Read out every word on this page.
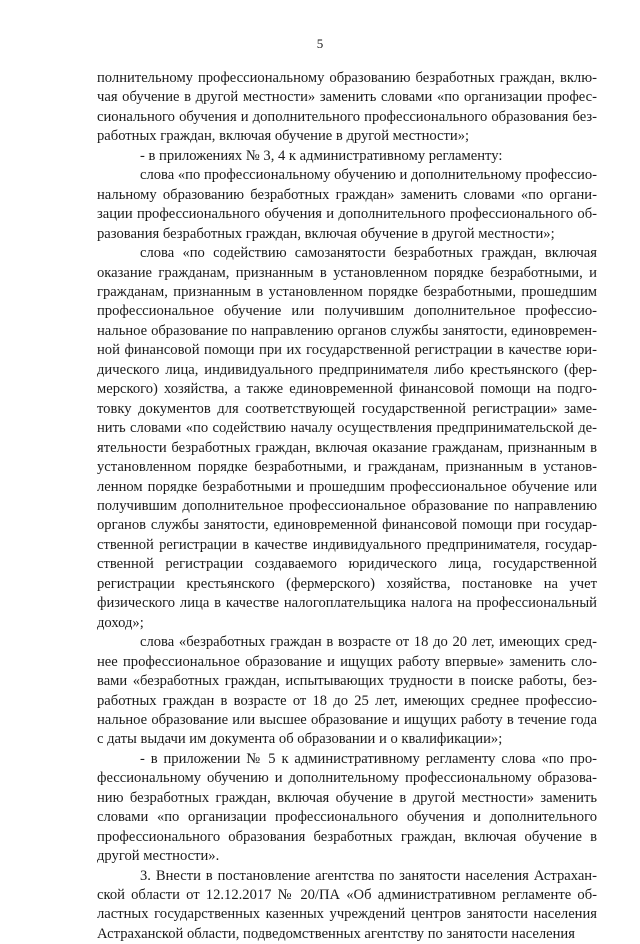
5

полнительному профессиональному образованию безработных граждан, включая обучение в другой местности» заменить словами «по организации профессионального обучения и дополнительного профессионального образования безработных граждан, включая обучение в другой местности»;

- в приложениях № 3, 4 к административному регламенту:

слова «по профессиональному обучению и дополнительному профессиональному образованию безработных граждан» заменить словами «по организации профессионального обучения и дополнительного профессионального образования безработных граждан, включая обучение в другой местности»;

слова «по содействию самозанятости безработных граждан, включая оказание гражданам, признанным в установленном порядке безработными, и гражданам, признанным в установленном порядке безработными, прошедшим профессиональное обучение или получившим дополнительное профессиональное образование по направлению органов службы занятости, единовременной финансовой помощи при их государственной регистрации в качестве юридического лица, индивидуального предпринимателя либо крестьянского (фермерского) хозяйства, а также единовременной финансовой помощи на подготовку документов для соответствующей государственной регистрации» заменить словами «по содействию началу осуществления предпринимательской деятельности безработных граждан, включая оказание гражданам, признанным в установленном порядке безработными, и гражданам, признанным в установленном порядке безработными и прошедшим профессиональное обучение или получившим дополнительное профессиональное образование по направлению органов службы занятости, единовременной финансовой помощи при государственной регистрации в качестве индивидуального предпринимателя, государственной регистрации создаваемого юридического лица, государственной регистрации крестьянского (фермерского) хозяйства, постановке на учет физического лица в качестве налогоплательщика налога на профессиональный доход»;

слова «безработных граждан в возрасте от 18 до 20 лет, имеющих среднее профессиональное образование и ищущих работу впервые» заменить словами «безработных граждан, испытывающих трудности в поиске работы, безработных граждан в возрасте от 18 до 25 лет, имеющих среднее профессиональное образование или высшее образование и ищущих работу в течение года с даты выдачи им документа об образовании и о квалификации»;

- в приложении № 5 к административному регламенту слова «по профессиональному обучению и дополнительному профессиональному образованию безработных граждан, включая обучение в другой местности» заменить словами «по организации профессионального обучения и дополнительного профессионального образования безработных граждан, включая обучение в другой местности».

3. Внести в постановление агентства по занятости населения Астраханской области от 12.12.2017 № 20/ПА «Об административном регламенте областных государственных казенных учреждений центров занятости населения Астраханской области, подведомственных агентству по занятости населения
